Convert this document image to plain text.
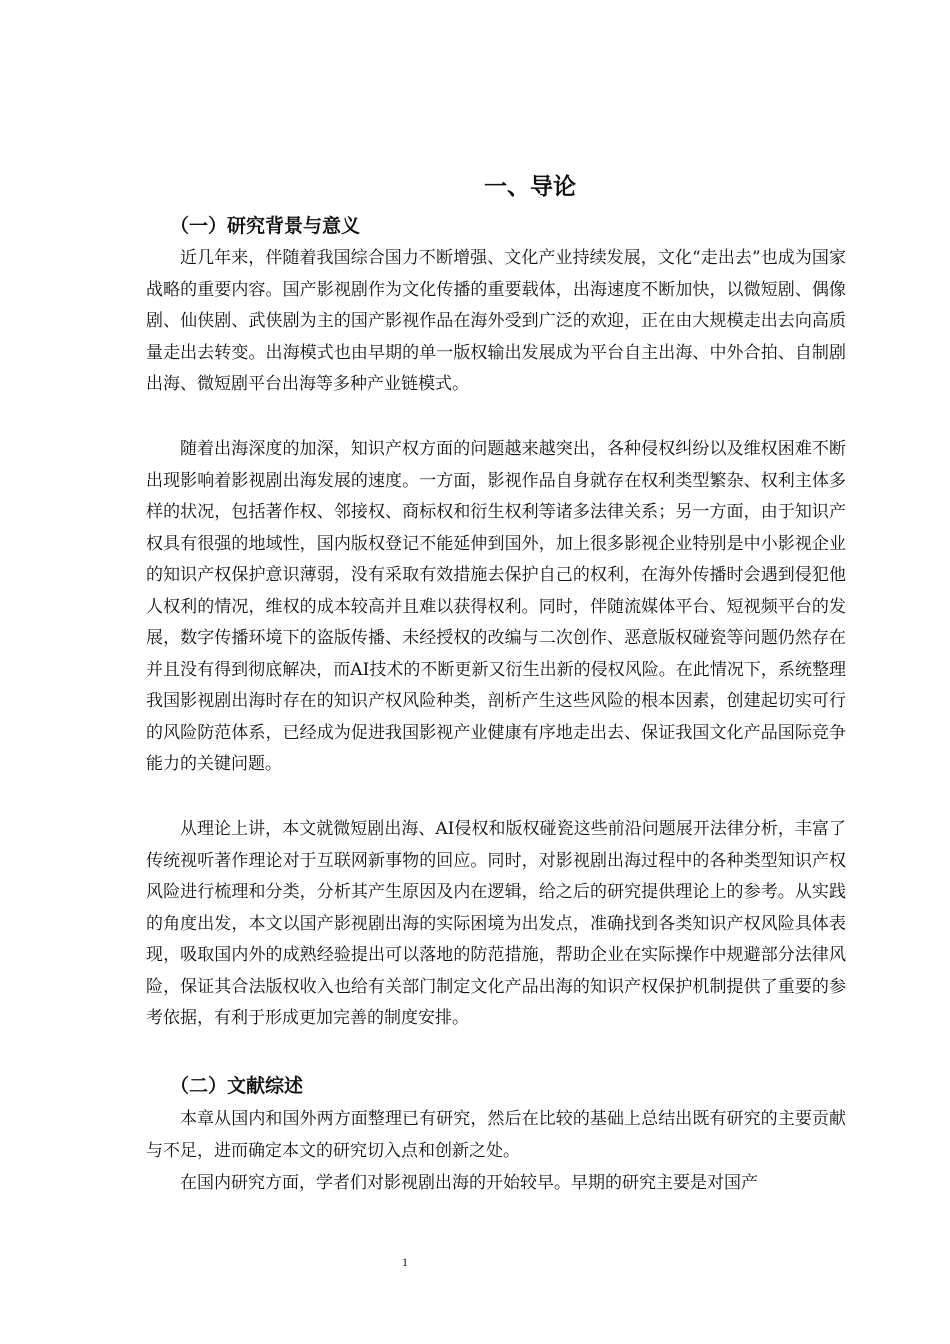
一、导论
（一）研究背景与意义

近几年来，伴随着我国综合国力不断增强、文化产业持续发展，文化“走出去”也成为国家战略的重要内容。国产影视剧作为文化传播的重要载体，出海速度不断加快，以微短剧、偶像剧、仙侠剧、武侠剧为主的国产影视作品在海外受到广泛的欢迎，正在由大规模走出去向高质量走出去转变。出海模式也由早期的单一版权输出发展成为平台自主出海、中外合拍、自制剧出海、微短剧平台出海等多种产业链模式。

随着出海深度的加深，知识产权方面的问题越来越突出，各种侵权纠纷以及维权困难不断出现影响着影视剧出海发展的速度。一方面，影视作品自身就存在权利类型繁杂、权利主体多样的状况，包括著作权、邻接权、商标权和衍生权利等诸多法律关系；另一方面，由于知识产权具有很强的地域性，国内版权登记不能延伸到国外，加上很多影视企业特别是中小影视企业的知识产权保护意识薄弱，没有采取有效措施去保护自己的权利，在海外传播时会遇到侵犯他人权利的情况，维权的成本较高并且难以获得权利。同时，伴随流媒体平台、短视频平台的发展，数字传播环境下的盗版传播、未经授权的改编与二次创作、恶意版权碰瓷等问题仍然存在并且没有得到彻底解决，而AI技术的不断更新又衍生出新的侵权风险。在此情况下，系统整理我国影视剧出海时存在的知识产权风险种类，剖析产生这些风险的根本因素，创建起切实可行的风险防范体系，已经成为促进我国影视产业健康有序地走出去、保证我国文化产品国际竞争能力的关键问题。

从理论上讲，本文就微短剧出海、AI侵权和版权碰瓷这些前沿问题展开法律分析，丰富了传统视听著作理论对于互联网新事物的回应。同时，对影视剧出海过程中的各种类型知识产权风险进行梳理和分类，分析其产生原因及内在逻辑，给之后的研究提供理论上的参考。从实践的角度出发，本文以国产影视剧出海的实际困境为出发点，准确找到各类知识产权风险具体表现，吸取国内外的成熟经验提出可以落地的防范措施，帮助企业在实际操作中规避部分法律风险，保证其合法版权收入也给有关部门制定文化产品出海的知识产权保护机制提供了重要的参考依据，有利于形成更加完善的制度安排。

（二）文献综述

本章从国内和国外两方面整理已有研究，然后在比较的基础上总结出既有研究的主要贡献与不足，进而确定本文的研究切入点和创新之处。

在国内研究方面，学者们对影视剧出海的开始较早。早期的研究主要是对国产

1
